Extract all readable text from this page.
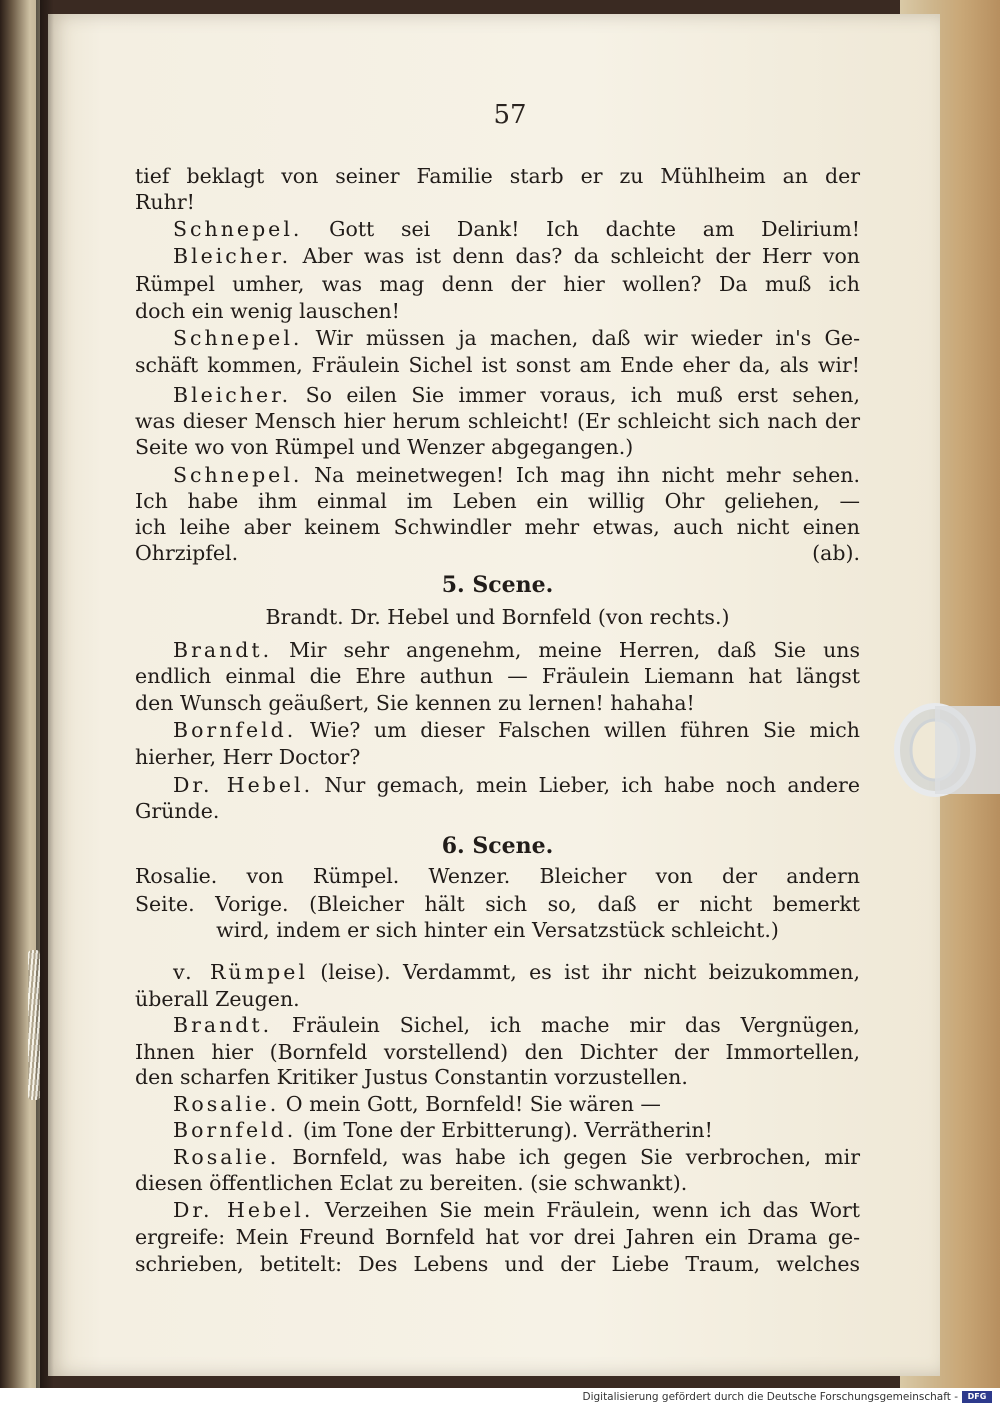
57
tief beklagt von seiner Familie starb er zu Mühlheim an der
Ruhr!
Schnepel. Gott sei Dank! Ich dachte am Delirium!
Bleicher. Aber was ist denn das? da schleicht der Herr von
Rümpel umher, was mag denn der hier wollen? Da muß ich
doch ein wenig lauschen!
Schnepel. Wir müssen ja machen, daß wir wieder in's Ge-
schäft kommen, Fräulein Sichel ist sonst am Ende eher da, als wir!
Bleicher. So eilen Sie immer voraus, ich muß erst sehen,
was dieser Mensch hier herum schleicht! (Er schleicht sich nach der
Seite wo von Rümpel und Wenzer abgegangen.)
Schnepel. Na meinetwegen! Ich mag ihn nicht mehr sehen.
Ich habe ihm einmal im Leben ein willig Ohr geliehen, —
ich leihe aber keinem Schwindler mehr etwas, auch nicht einen
Ohrzipfel. (ab).
5. Scene.
Brandt. Dr. Hebel und Bornfeld (von rechts.)
Brandt. Mir sehr angenehm, meine Herren, daß Sie uns
endlich einmal die Ehre authun — Fräulein Liemann hat längst
den Wunsch geäußert, Sie kennen zu lernen! hahaha!
Bornfeld. Wie? um dieser Falschen willen führen Sie mich
hierher, Herr Doctor?
Dr. Hebel. Nur gemach, mein Lieber, ich habe noch andere
Gründe.
6. Scene.
Rosalie. von Rümpel. Wenzer. Bleicher von der andern
Seite. Vorige. (Bleicher hält sich so, daß er nicht bemerkt
wird, indem er sich hinter ein Versatzstück schleicht.)
v. Rümpel (leise). Verdammt, es ist ihr nicht beizukommen,
überall Zeugen.
Brandt. Fräulein Sichel, ich mache mir das Vergnügen,
Ihnen hier (Bornfeld vorstellend) den Dichter der Immortellen,
den scharfen Kritiker Justus Constantin vorzustellen.
Rosalie. O mein Gott, Bornfeld! Sie wären —
Bornfeld. (im Tone der Erbitterung). Verrätherin!
Rosalie. Bornfeld, was habe ich gegen Sie verbrochen, mir
diesen öffentlichen Eclat zu bereiten. (sie schwankt).
Dr. Hebel. Verzeihen Sie mein Fräulein, wenn ich das Wort
ergreife: Mein Freund Bornfeld hat vor drei Jahren ein Drama ge-
schrieben, betitelt: Des Lebens und der Liebe Traum, welches
Digitalisierung gefördert durch die Deutsche Forschungsgemeinschaft -	DFG
